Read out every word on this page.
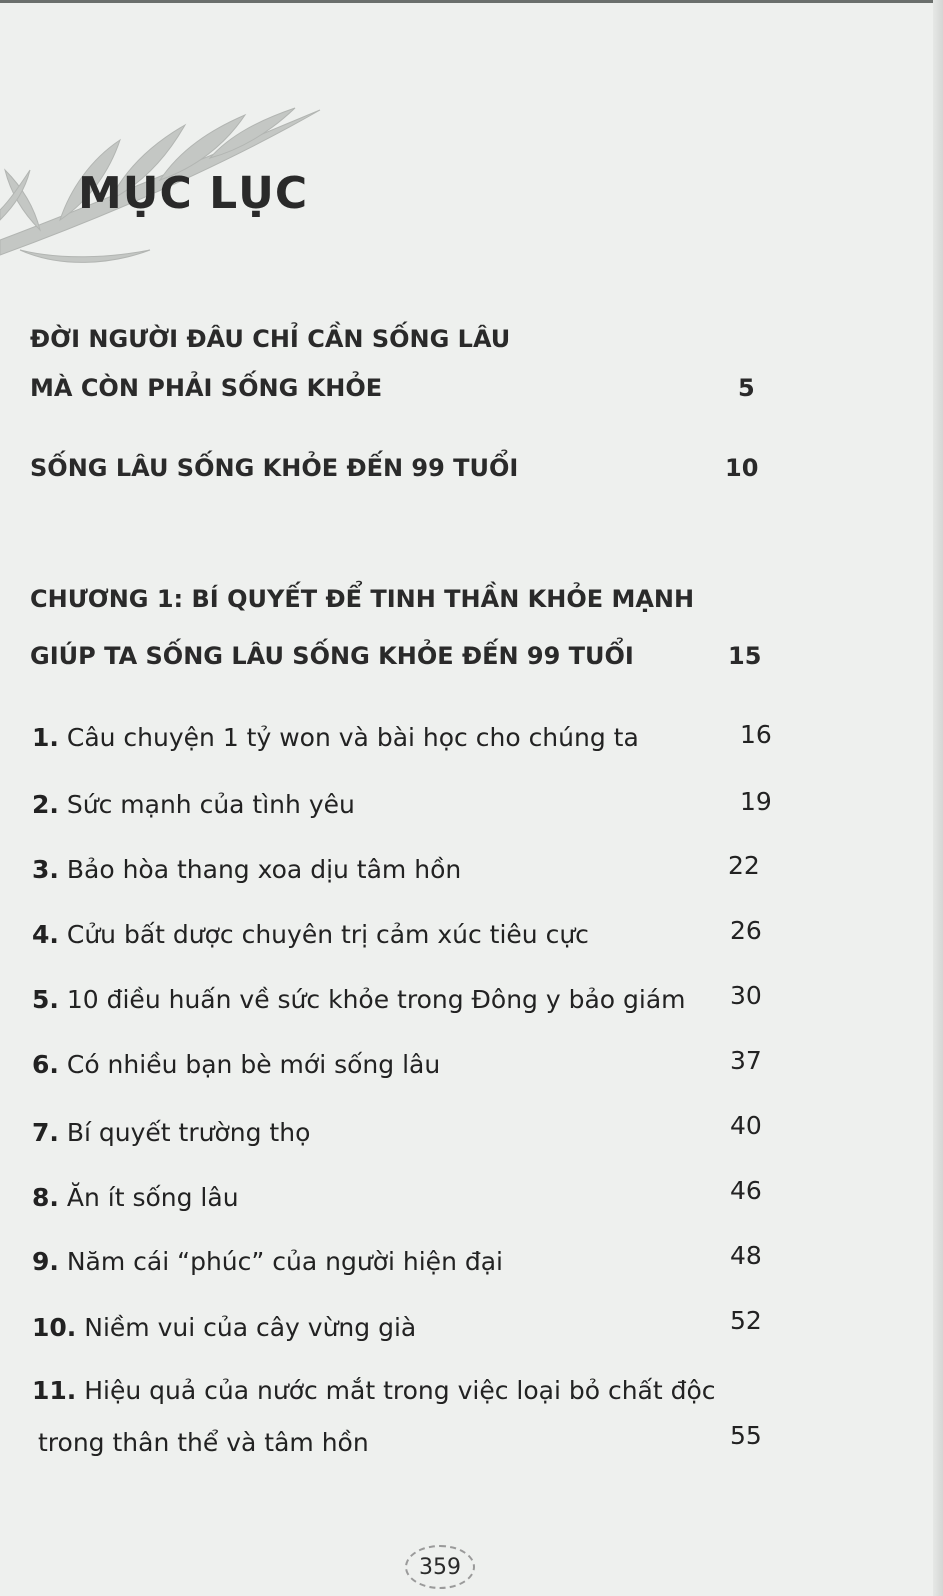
MỤC LỤC
ĐỜI NGƯỜI ĐÂU CHỈ CẦN SỐNG LÂU
MÀ CÒN PHẢI SỐNG KHỎE	5
SỐNG LÂU SỐNG KHỎE ĐẾN 99 TUỔI	10
CHƯƠNG 1: BÍ QUYẾT ĐỂ TINH THẦN KHỎE MẠNH
GIÚP TA SỐNG LÂU SỐNG KHỎE ĐẾN 99 TUỔI	15
1. Câu chuyện 1 tỷ won và bài học cho chúng ta	16
2. Sức mạnh của tình yêu	19
3. Bảo hòa thang xoa dịu tâm hồn	22
4. Cửu bất dược chuyên trị cảm xúc tiêu cực	26
5. 10 điều huấn về sức khỏe trong Đông y bảo giám	30
6. Có nhiều bạn bè mới sống lâu	37
7. Bí quyết trường thọ	40
8. Ăn ít sống lâu	46
9. Năm cái “phúc” của người hiện đại	48
10. Niềm vui của cây vừng già	52
11. Hiệu quả của nước mắt trong việc loại bỏ chất độc
trong thân thể và tâm hồn	55
359
